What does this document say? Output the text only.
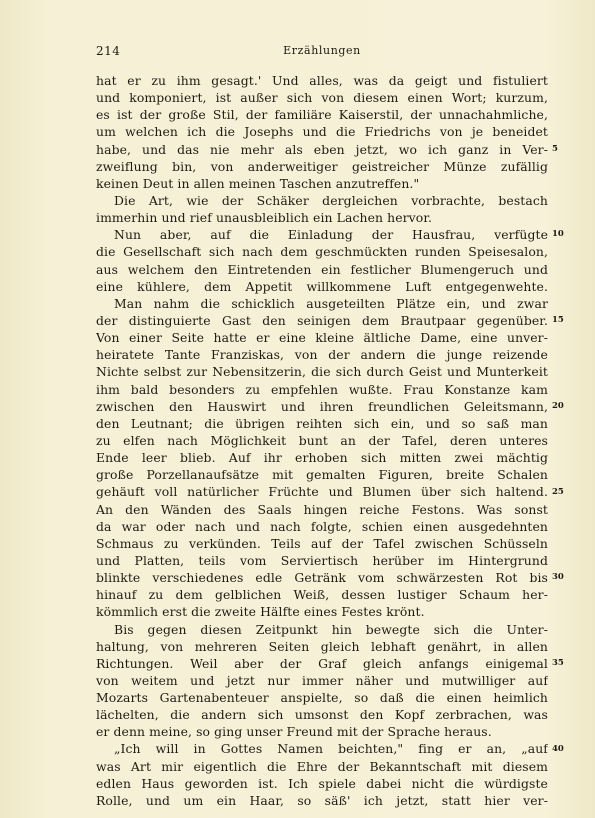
214	Erzählungen
hat er zu ihm gesagt.' Und alles, was da geigt und fistuliert
und komponiert, ist außer sich von diesem einen Wort; kurzum,
es ist der große Stil, der familiäre Kaiserstil, der unnachahmliche,
um welchen ich die Josephs und die Friedrichs von je beneidet
habe, und das nie mehr als eben jetzt, wo ich ganz in Ver-
zweiflung bin, von anderweitiger geistreicher Münze zufällig
keinen Deut in allen meinen Taschen anzutreffen."
Die Art, wie der Schäker dergleichen vorbrachte, bestach
immerhin und rief unausbleiblich ein Lachen hervor.
Nun aber, auf die Einladung der Hausfrau, verfügte
die Gesellschaft sich nach dem geschmückten runden Speisesalon,
aus welchem den Eintretenden ein festlicher Blumengeruch und
eine kühlere, dem Appetit willkommene Luft entgegenwehte.
Man nahm die schicklich ausgeteilten Plätze ein, und zwar
der distinguierte Gast den seinigen dem Brautpaar gegenüber.
Von einer Seite hatte er eine kleine ältliche Dame, eine unver-
heiratete Tante Franziskas, von der andern die junge reizende
Nichte selbst zur Nebensitzerin, die sich durch Geist und Munterkeit
ihm bald besonders zu empfehlen wußte. Frau Konstanze kam
zwischen den Hauswirt und ihren freundlichen Geleitsmann,
den Leutnant; die übrigen reihten sich ein, und so saß man
zu elfen nach Möglichkeit bunt an der Tafel, deren unteres
Ende leer blieb. Auf ihr erhoben sich mitten zwei mächtig
große Porzellanaufsätze mit gemalten Figuren, breite Schalen
gehäuft voll natürlicher Früchte und Blumen über sich haltend.
An den Wänden des Saals hingen reiche Festons. Was sonst
da war oder nach und nach folgte, schien einen ausgedehnten
Schmaus zu verkünden. Teils auf der Tafel zwischen Schüsseln
und Platten, teils vom Serviertisch herüber im Hintergrund
blinkte verschiedenes edle Getränk vom schwärzesten Rot bis
hinauf zu dem gelblichen Weiß, dessen lustiger Schaum her-
kömmlich erst die zweite Hälfte eines Festes krönt.
Bis gegen diesen Zeitpunkt hin bewegte sich die Unter-
haltung, von mehreren Seiten gleich lebhaft genährt, in allen
Richtungen. Weil aber der Graf gleich anfangs einigemal
von weitem und jetzt nur immer näher und mutwilliger auf
Mozarts Gartenabenteuer anspielte, so daß die einen heimlich
lächelten, die andern sich umsonst den Kopf zerbrachen, was
er denn meine, so ging unser Freund mit der Sprache heraus.
„Ich will in Gottes Namen beichten," fing er an, „auf
was Art mir eigentlich die Ehre der Bekanntschaft mit diesem
edlen Haus geworden ist. Ich spiele dabei nicht die würdigste
Rolle, und um ein Haar, so säß' ich jetzt, statt hier ver-
5
10
15
20
25
30
35
40
